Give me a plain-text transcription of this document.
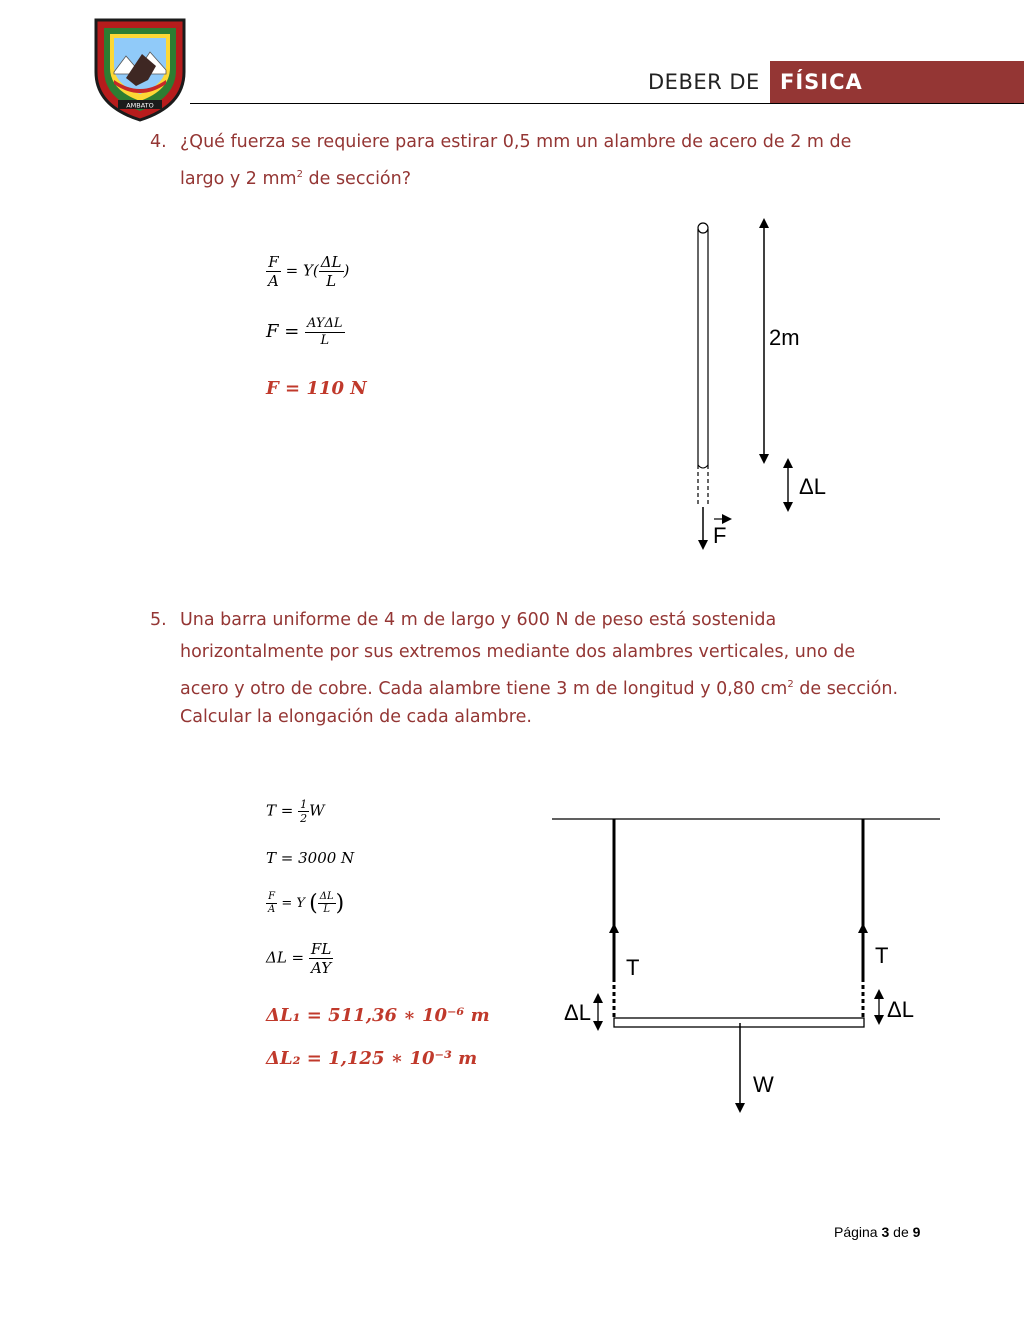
AMBATO
DEBER DE FÍSICA
4. ¿Qué fuerza se requiere para estirar 0,5 mm un alambre de acero de 2 m de
largo y 2 $mm^2$ de sección?
$\frac{F}{A} = Y( \frac{\Delta L}{L}$ )
$F = \frac{\text{AYΔL}}{L}$
F = 110 N
2m
ΔL
F
5. Una barra uniforme de 4 m de largo y 600 N de peso está sostenida
horizontalmente por sus extremos mediante dos alambres verticales, uno de
acero y otro de cobre. Cada alambre tiene 3 m de longitud y 0,80 $cm^2$ de sección.
Calcular la elongación de cada alambre.
$T = \frac{1}{2}$ W
T = 3000 N
$\frac{F}{A} = Y$ ( $\frac{\Delta L}{L}$ )
$\Delta L = \frac{FL}{AY}$
ΔL₁ = 511,36 ∗ 10⁻⁶ m
ΔL₂ = 1,125 ∗ 10⁻³ m
T	T
ΔL	ΔL
W
Página 3 de 9
